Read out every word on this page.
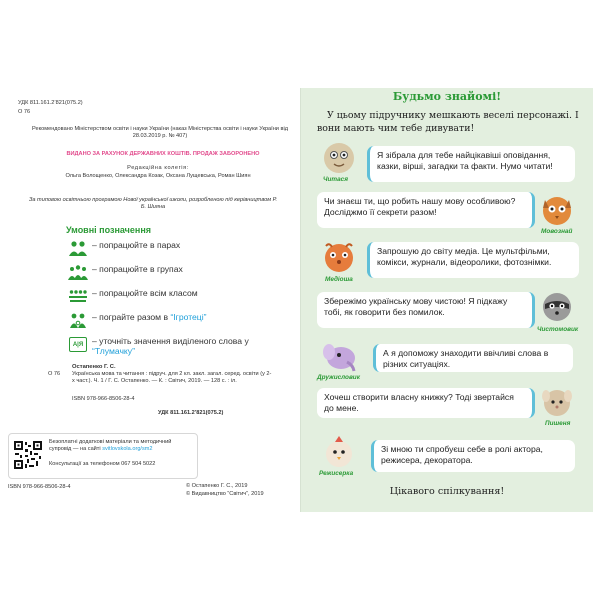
УДК 811.161.2’821(075.2)
О 76
Рекомендовано Міністерством освіти і науки України (наказ Міністерства освіти і науки України від 28.03.2019 р. № 407)
ВИДАНО ЗА РАХУНОК ДЕРЖАВНИХ КОШТІВ. ПРОДАЖ ЗАБОРОНЕНО
Редакційна колегія:
Ольга Волощенко, Олександра Козак, Оксана Лущевська, Роман Шиян
За типовою освітньою програмою Нової української школи, розробленою під керівництвом Р. Б. Шияна
Умовні позначення
– попрацюйте в парах
– попрацюйте в групах
– попрацюйте всім класом
– пограйте разом в “Ігротеці”
А|Я	– уточніть значення виділеного слова у “Тлумачку”
Остапенко Г. С.
О 76 Українська мова та читання : підруч. для 2 кл. закл. загал. серед. освіти (у 2-х част.). Ч. 1 / Г. С. Остапенко. — К. : Світич, 2019. — 128 с. : іл.
ISBN 978-966-8506-28-4
УДК 811.161.2’821(075.2)
Безоплатні додаткові матеріали та методичний супровід — на сайті svitlovskola.org/sm2
Консультації за телефоном 067 504 5022
ISBN 978-966-8506-28-4	© Остапенко Г. С., 2019
© Видавництво “Світич”, 2019
Будьмо знайомі!
У цьому підручнику мешкають веселі персонажі. І вони мають чим тебе дивувати!
Читася
Я зібрала для тебе найцікавіші оповідання, казки, вірші, загадки та факти. Нумо читати!
Чи знаєш ти, що робить нашу мову особливою? Досліджмо її секрети разом!
Мовознай
Медіоша
Запрошую до світу медіа. Це мультфільми, комікси, журнали, відеоролики, фотознімки.
Збережімо українську мову чистою! Я підкажу тобі, як говорити без помилок.
Чистомовик
Дружисловик
А я допоможу знаходити ввічливі слова в різних ситуаціях.
Хочеш створити власну книжку? Тоді звертайся до мене.
Пишеня
Режисерка
Зі мною ти спробуєш себе в ролі актора, режисера, декоратора.
Цікавого спілкування!
